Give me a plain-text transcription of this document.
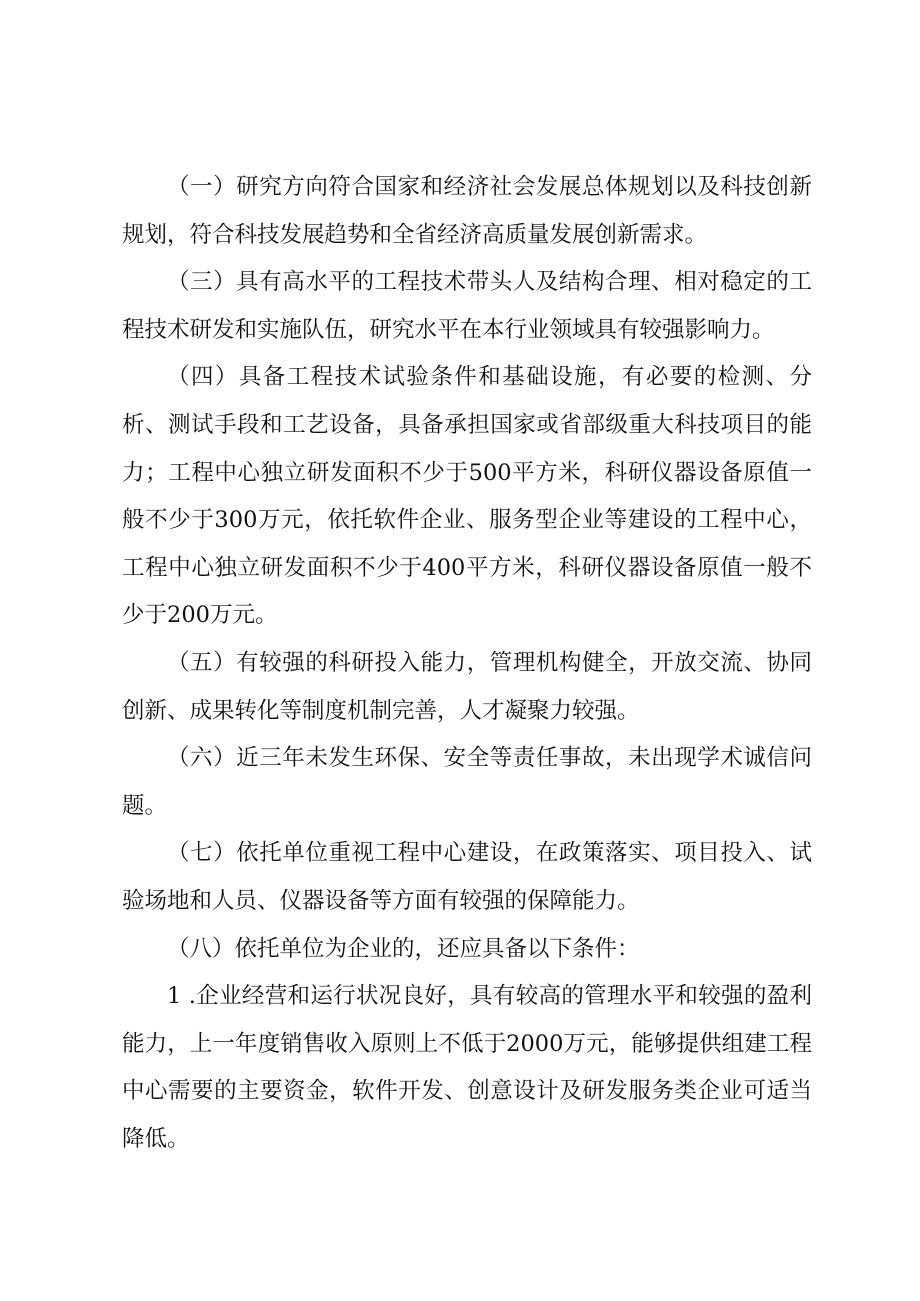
（一）研究方向符合国家和经济社会发展总体规划以及科技创新规划，符合科技发展趋势和全省经济高质量发展创新需求。

（三）具有高水平的工程技术带头人及结构合理、相对稳定的工程技术研发和实施队伍，研究水平在本行业领域具有较强影响力。

（四）具备工程技术试验条件和基础设施，有必要的检测、分析、测试手段和工艺设备，具备承担国家或省部级重大科技项目的能力；工程中心独立研发面积不少于500平方米，科研仪器设备原值一般不少于300万元，依托软件企业、服务型企业等建设的工程中心，工程中心独立研发面积不少于400平方米，科研仪器设备原值一般不少于200万元。

（五）有较强的科研投入能力，管理机构健全，开放交流、协同创新、成果转化等制度机制完善，人才凝聚力较强。

（六）近三年未发生环保、安全等责任事故，未出现学术诚信问题。

（七）依托单位重视工程中心建设，在政策落实、项目投入、试验场地和人员、仪器设备等方面有较强的保障能力。

（八）依托单位为企业的，还应具备以下条件：

1 .企业经营和运行状况良好，具有较高的管理水平和较强的盈利能力，上一年度销售收入原则上不低于2000万元，能够提供组建工程中心需要的主要资金，软件开发、创意设计及研发服务类企业可适当降低。
